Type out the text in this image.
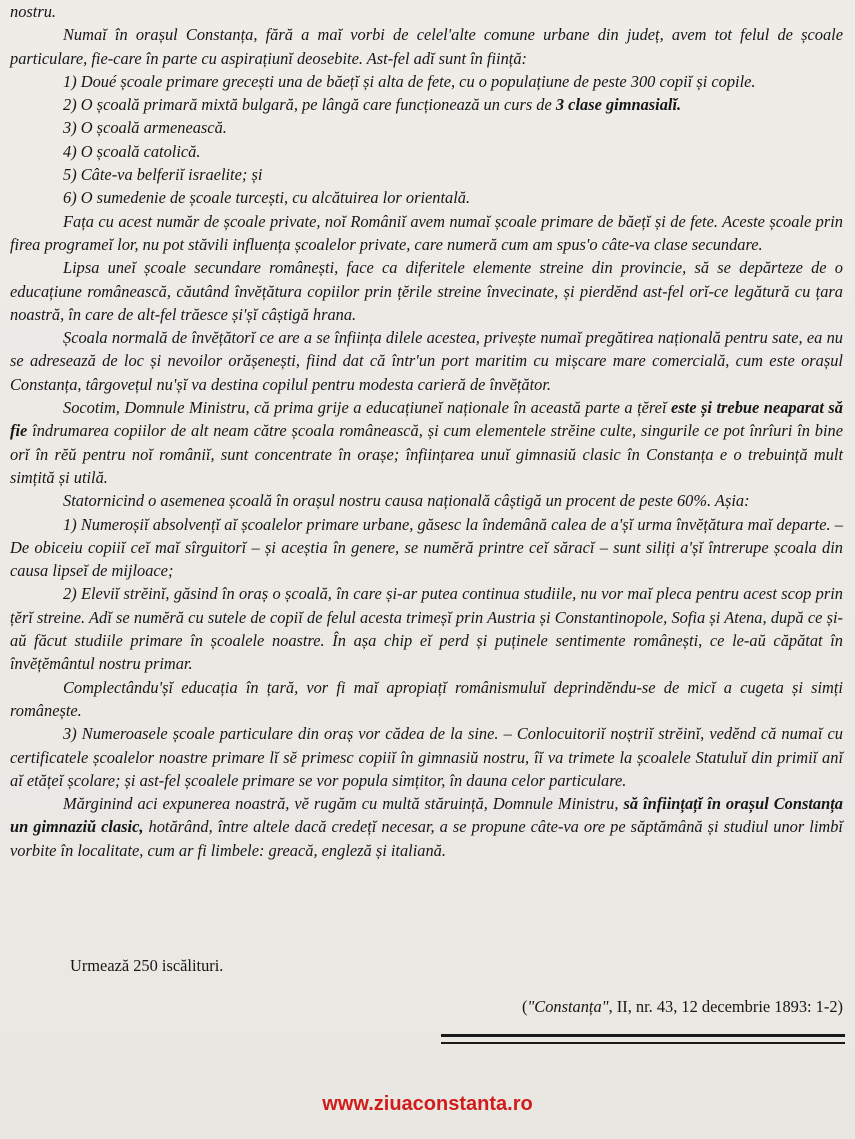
nostru.

Numaĭ în orașul Constanța, fără a maĭ vorbi de celel'alte comune urbane din județ, avem tot felul de școale particulare, fie-care în parte cu aspirațiunĭ deosebite. Ast-fel adĭ sunt în ființă:

1) Doué școale primare grecești una de băețĭ și alta de fete, cu o populațiune de peste 300 copiĭ și copile.

2) O școală primară mixtă bulgară, pe lângă care funcționează un curs de 3 clase gimnasialĭ.

3) O școală armenească.

4) O școală catolică.

5) Câte-va belferiĭ israelite; și

6) O sumedenie de școale turcești, cu alcătuirea lor orientală.

Fața cu acest număr de școale private, noĭ Româniĭ avem numaĭ școale primare de băețĭ și de fete. Aceste școale prin firea programeĭ lor, nu pot stăvili influența școalelor private, care numeră cum am spus'o câte-va clase secundare.

Lipsa uneĭ școale secundare românești, face ca diferitele elemente streine din provincie, să se depărteze de o educațiune românească, căutând învĕțătura copiilor prin țĕrile streine învecinate, și pierdĕnd ast-fel orĭ-ce legătură cu țara noastră, în care de alt-fel trăesce și'șĭ câștigă hrana.

Școala normală de învĕțătorĭ ce are a se înființa dilele acestea, privește numaĭ pregătirea națională pentru sate, ea nu se adresează de loc și nevoilor orășenești, fiind dat că într'un port maritim cu mișcare mare comercială, cum este orașul Constanța, târgovețul nu'șĭ va destina copilul pentru modesta carieră de învĕțător.

Socotim, Domnule Ministru, că prima grije a educațiuneĭ naționale în această parte a țĕreĭ este și trebue neaparat să fie îndrumarea copiilor de alt neam către școala românească, și cum elementele strĕine culte, singurile ce pot înrîuri în bine orĭ în rĕŭ pentru noĭ româniĭ, sunt concentrate în orașe; înființarea unuĭ gimnasiŭ clasic în Constanța e o trebuință mult simțită și utilă.

Statornicind o asemenea școală în orașul nostru causa națională câștigă un procent de peste 60%. Așia:

1) Numeroșiĭ absolvențĭ aĭ școalelor primare urbane, găsesc la îndemână calea de a'șĭ urma învĕțătura maĭ departe. – De obiceiu copiiĭ ceĭ maĭ sîrguitorĭ – și aceștia în genere, se numĕră printre ceĭ săracĭ – sunt siliți a'șĭ întrerupe școala din causa lipseĭ de mijloace;

2) Eleviĭ strĕinĭ, găsind în oraș o școală, în care și-ar putea continua studiile, nu vor maĭ pleca pentru acest scop prin țĕrĭ streine. Adĭ se numĕră cu sutele de copiĭ de felul acesta trimeșĭ prin Austria și Constantinopole, Sofia și Atena, după ce și-aŭ făcut studiile primare în școalele noastre. În așa chip eĭ perd și puținele sentimente românești, ce le-aŭ căpătat în învĕțĕmântul nostru primar.

Complectându'șĭ educația în țară, vor fi maĭ apropiațĭ românismuluĭ deprindĕndu-se de micĭ a cugeta și simți românește.

3) Numeroasele școale particulare din oraș vor cădea de la sine. – Conlocuitoriĭ noștriĭ strĕinĭ, vedĕnd că numaĭ cu certificatele școalelor noastre primare lĭ sĕ primesc copiiĭ în gimnasiŭ nostru, îĭ va trimete la școalele Statuluĭ din primiĭ anĭ aĭ etățeĭ școlare; și ast-fel școalele primare se vor popula simțitor, în dauna celor particulare.

Mărginind aci expunerea noastră, vĕ rugăm cu multă stăruință, Domnule Ministru, să înființațĭ în orașul Constanța un gimnaziŭ clasic, hotărând, între altele dacă credețĭ necesar, a se propune câte-va ore pe săptămână și studiul unor limbĭ vorbite în localitate, cum ar fi limbele: greacă, engleză și italiană.

Urmează 250 iscălituri.
("Constanța", II, nr. 43, 12 decembrie 1893: 1-2)
www.ziuaconstanta.ro
